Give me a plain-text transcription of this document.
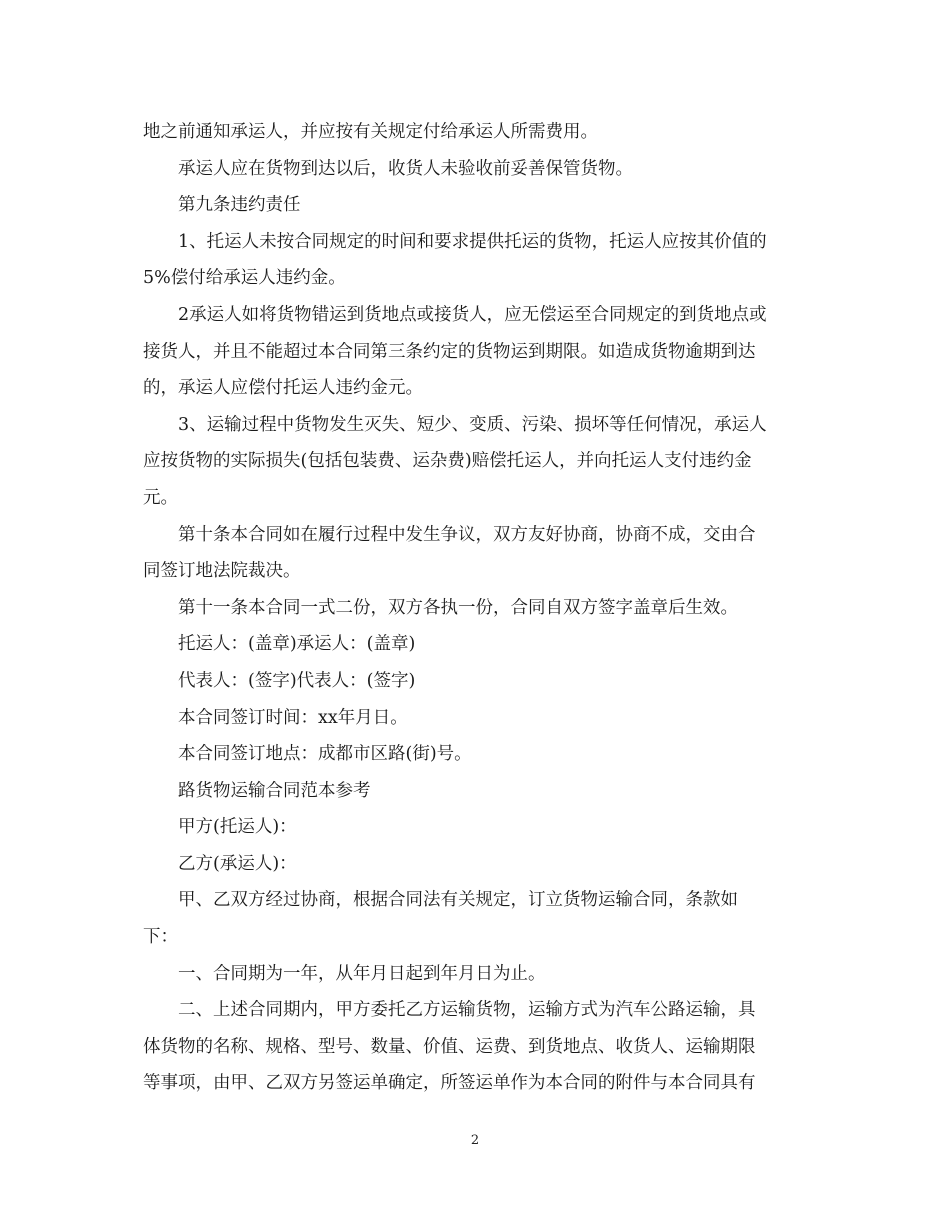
地之前通知承运人，并应按有关规定付给承运人所需费用。

承运人应在货物到达以后，收货人未验收前妥善保管货物。

第九条违约责任

1、托运人未按合同规定的时间和要求提供托运的货物，托运人应按其价值的

5%偿付给承运人违约金。

2承运人如将货物错运到货地点或接货人，应无偿运至合同规定的到货地点或

接货人，并且不能超过本合同第三条约定的货物运到期限。如造成货物逾期到达

的，承运人应偿付托运人违约金元。

3、运输过程中货物发生灭失、短少、变质、污染、损坏等任何情况，承运人

应按货物的实际损失(包括包装费、运杂费)赔偿托运人，并向托运人支付违约金

元。

第十条本合同如在履行过程中发生争议，双方友好协商，协商不成，交由合

同签订地法院裁决。

第十一条本合同一式二份，双方各执一份，合同自双方签字盖章后生效。

托运人：(盖章)承运人：(盖章)

代表人：(签字)代表人：(签字)

本合同签订时间：xx年月日。

本合同签订地点：成都市区路(街)号。

路货物运输合同范本参考

甲方(托运人)：

乙方(承运人)：

甲、乙双方经过协商，根据合同法有关规定，订立货物运输合同，条款如

下：

一、合同期为一年，从年月日起到年月日为止。

二、上述合同期内，甲方委托乙方运输货物，运输方式为汽车公路运输，具

体货物的名称、规格、型号、数量、价值、运费、到货地点、收货人、运输期限

等事项，由甲、乙双方另签运单确定，所签运单作为本合同的附件与本合同具有

2
